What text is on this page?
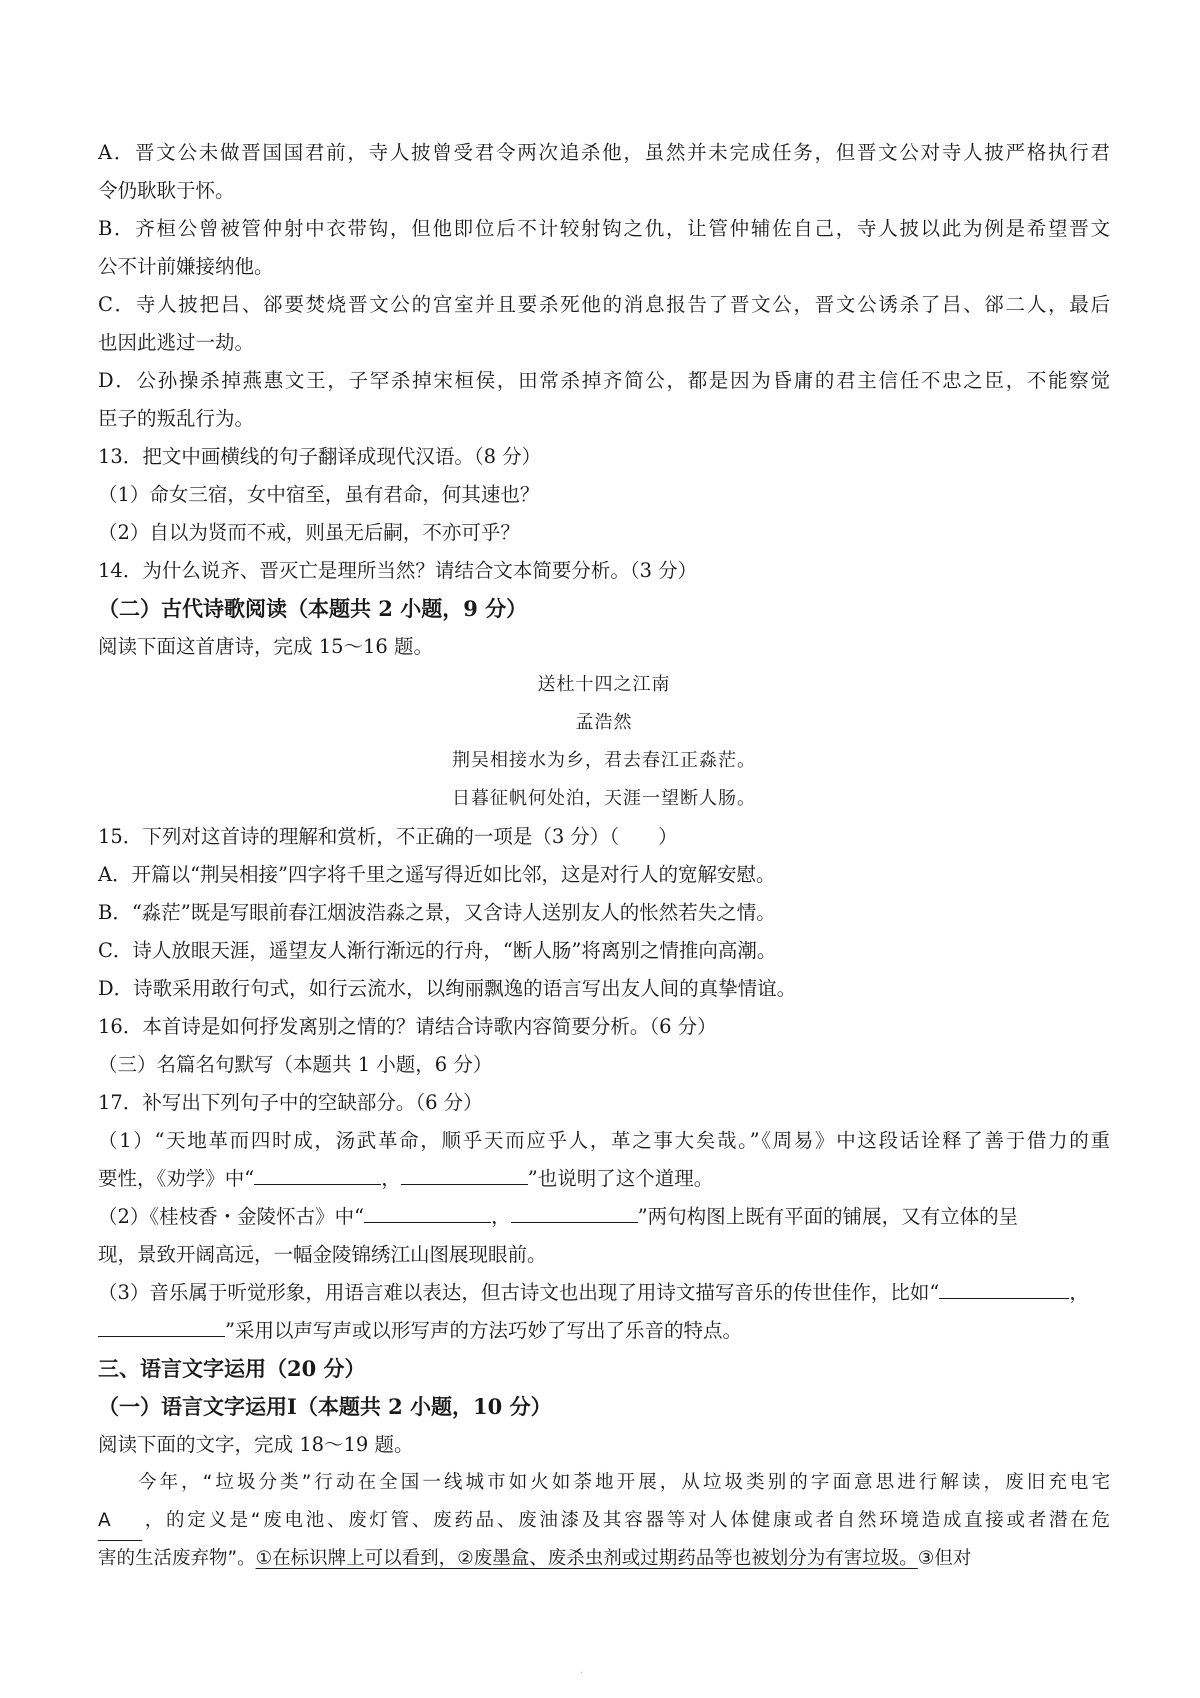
A．晋文公未做晋国国君前，寺人披曾受君令两次追杀他，虽然并未完成任务，但晋文公对寺人披严格执行君
令仍耿耿于怀。
B．齐桓公曾被管仲射中衣带钩，但他即位后不计较射钩之仇，让管仲辅佐自己，寺人披以此为例是希望晋文
公不计前嫌接纳他。
C．寺人披把吕、郤要焚烧晋文公的宫室并且要杀死他的消息报告了晋文公，晋文公诱杀了吕、郤二人，最后
也因此逃过一劫。
D．公孙操杀掉燕惠文王，子罕杀掉宋桓侯，田常杀掉齐简公，都是因为昏庸的君主信任不忠之臣，不能察觉
臣子的叛乱行为。
13．把文中画横线的句子翻译成现代汉语。（8 分）
（1）命女三宿，女中宿至，虽有君命，何其速也？
（2）自以为贤而不戒，则虽无后嗣，不亦可乎？
14．为什么说齐、晋灭亡是理所当然？请结合文本简要分析。（3 分）
（二）古代诗歌阅读（本题共 2 小题，9 分）
阅读下面这首唐诗，完成 15～16 题。
送杜十四之江南
孟浩然
荆吴相接水为乡，君去春江正淼茫。
日暮征帆何处泊，天涯一望断人肠。
15．下列对这首诗的理解和赏析，不正确的一项是（3 分）（　　）
A．开篇以“荆吴相接”四字将千里之遥写得近如比邻，这是对行人的宽解安慰。
B．“淼茫”既是写眼前春江烟波浩淼之景，又含诗人送别友人的怅然若失之情。
C．诗人放眼天涯，遥望友人渐行渐远的行舟，“断人肠”将离别之情推向高潮。
D．诗歌采用敢行句式，如行云流水，以绚丽飘逸的语言写出友人间的真挚情谊。
16．本首诗是如何抒发离别之情的？请结合诗歌内容简要分析。（6 分）
（三）名篇名句默写（本题共 1 小题，6 分）
17．补写出下列句子中的空缺部分。（6 分）
（1）“天地革而四时成，汤武革命，顺乎天而应乎人，革之事大矣哉。”《周易》中这段话诠释了善于借力的重
要性，《劝学》中“	，	”也说明了这个道理。
（2）《桂枝香・金陵怀古》中“	，	”两句构图上既有平面的铺展，又有立体的呈
现，景致开阔高远，一幅金陵锦绣江山图展现眼前。
（3）音乐属于听觉形象，用语言难以表达，但古诗文也出现了用诗文描写音乐的传世佳作，比如“	，
”采用以声写声或以形写声的方法巧妙了写出了乐音的特点。
三、语言文字运用（20 分）
（一）语言文字运用Ⅰ（本题共 2 小题，10 分）
阅读下面的文字，完成 18～19 题。
今年，“垃圾分类”行动在全国一线城市如火如荼地开展，从垃圾类别的字面意思进行解读，废旧充电宅
A ，的定义是“废电池、废灯管、废药品、废油漆及其容器等对人体健康或者自然环境造成直接或者潜在危
害的生活废弃物”。①在标识牌上可以看到，②废墨盒、废杀虫剂或过期药品等也被划分为有害垃圾。③但对
·
